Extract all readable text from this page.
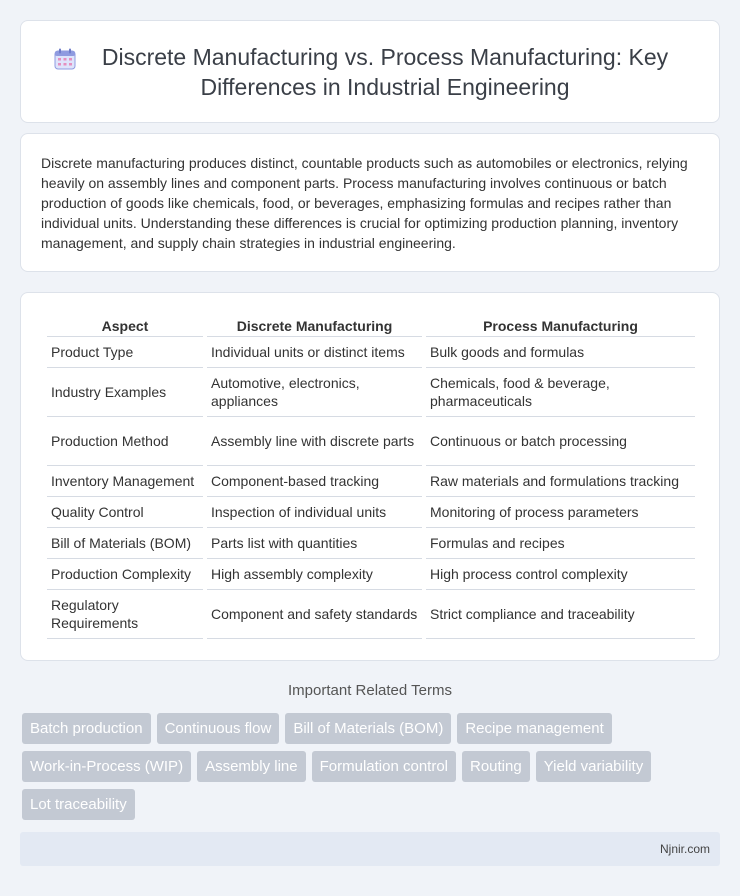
Discrete Manufacturing vs. Process Manufacturing: Key Differences in Industrial Engineering

Discrete manufacturing produces distinct, countable products such as automobiles or electronics, relying heavily on assembly lines and component parts. Process manufacturing involves continuous or batch production of goods like chemicals, food, or beverages, emphasizing formulas and recipes rather than individual units. Understanding these differences is crucial for optimizing production planning, inventory management, and supply chain strategies in industrial engineering.

Aspect	Discrete Manufacturing	Process Manufacturing
Product Type	Individual units or distinct items	Bulk goods and formulas
Industry Examples	Automotive, electronics, appliances	Chemicals, food & beverage, pharmaceuticals
Production Method	Assembly line with discrete parts	Continuous or batch processing
Inventory Management	Component-based tracking	Raw materials and formulations tracking
Quality Control	Inspection of individual units	Monitoring of process parameters
Bill of Materials (BOM)	Parts list with quantities	Formulas and recipes
Production Complexity	High assembly complexity	High process control complexity
Regulatory Requirements	Component and safety standards	Strict compliance and traceability
Important Related Terms
Batch production	Continuous flow	Bill of Materials (BOM)	Recipe management
Work-in-Process (WIP)	Assembly line	Formulation control	Routing	Yield variability
Lot traceability
Njnir.com
